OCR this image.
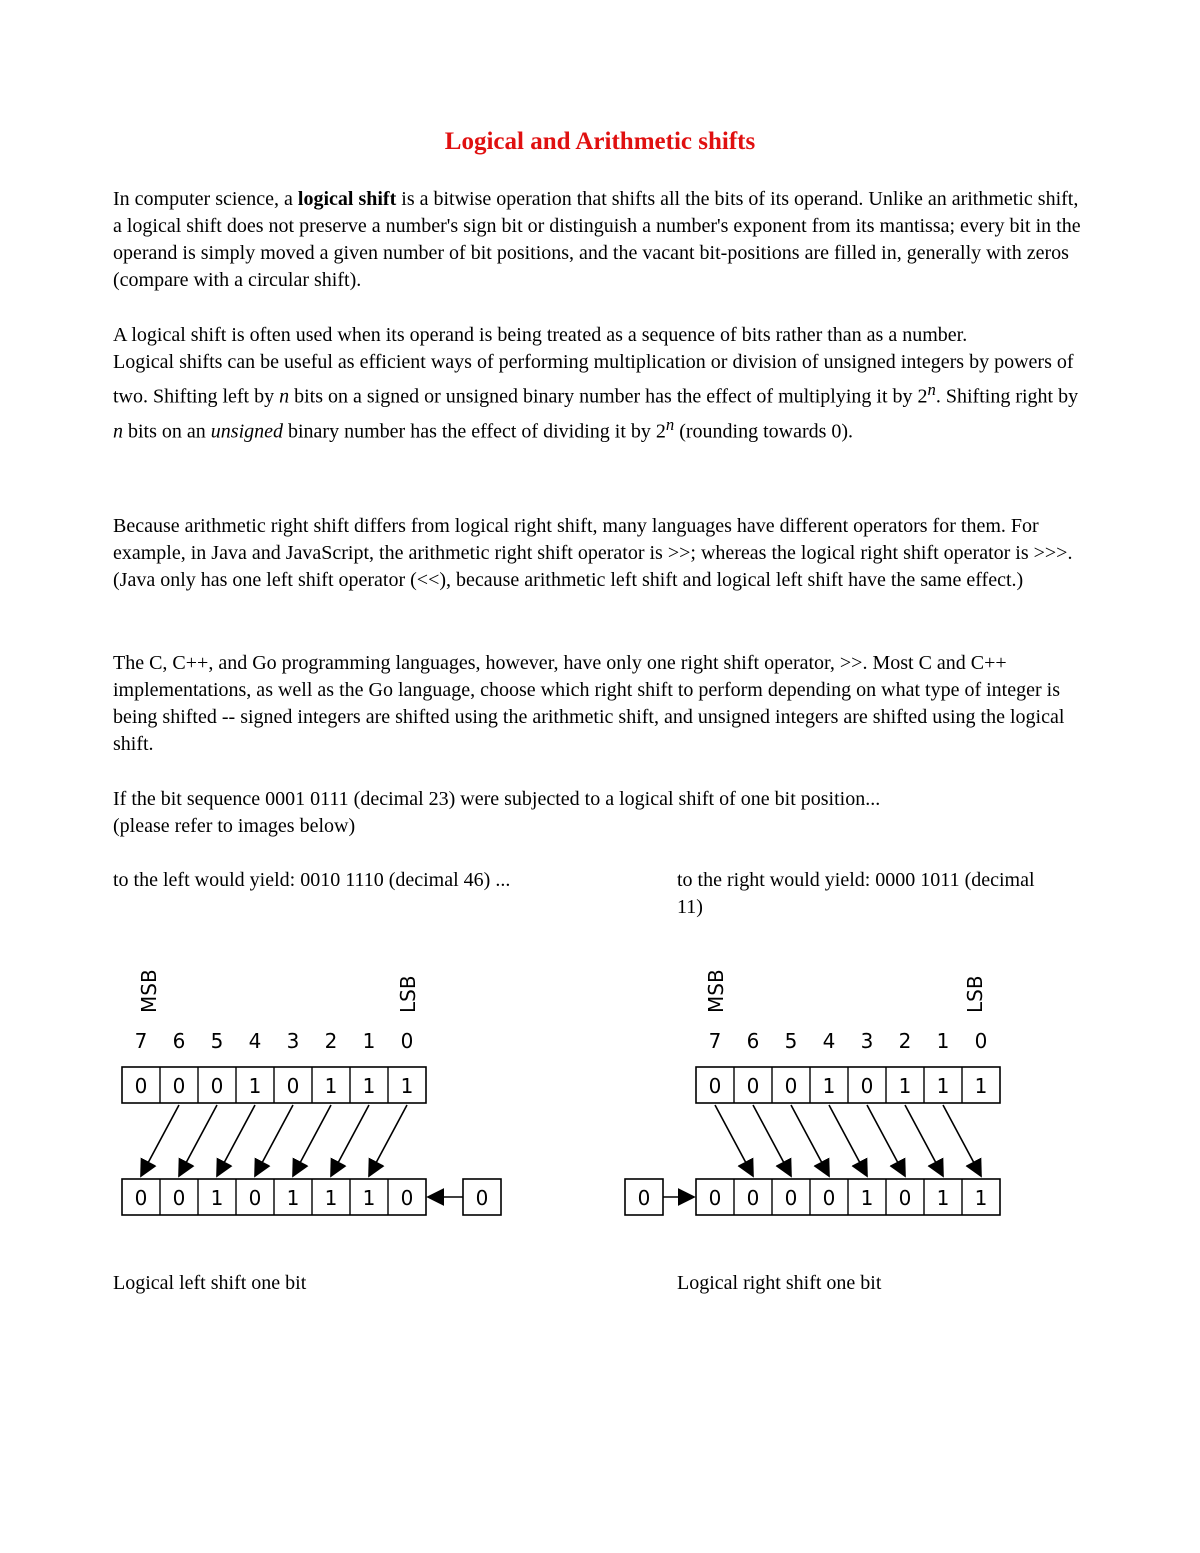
Logical and Arithmetic shifts

In computer science, a logical shift is a bitwise operation that shifts all the bits of its operand. Unlike an arithmetic shift, a logical shift does not preserve a number's sign bit or distinguish a number's exponent from its mantissa; every bit in the operand is simply moved a given number of bit positions, and the vacant bit-positions are filled in, generally with zeros (compare with a circular shift).

A logical shift is often used when its operand is being treated as a sequence of bits rather than as a number.
Logical shifts can be useful as efficient ways of performing multiplication or division of unsigned integers by powers of two. Shifting left by n bits on a signed or unsigned binary number has the effect of multiplying it by 2$^n$. Shifting right by n bits on an unsigned binary number has the effect of dividing it by 2$^n$ (rounding towards 0).

Because arithmetic right shift differs from logical right shift, many languages have different operators for them. For example, in Java and JavaScript, the arithmetic right shift operator is >>; whereas the logical right shift operator is >>>. (Java only has one left shift operator (<<), because arithmetic left shift and logical left shift have the same effect.)

The C, C++, and Go programming languages, however, have only one right shift operator, >>. Most C and C++ implementations, as well as the Go language, choose which right shift to perform depending on what type of integer is being shifted -- signed integers are shifted using the arithmetic shift, and unsigned integers are shifted using the logical shift.

If the bit sequence 0001 0111 (decimal 23) were subjected to a logical shift of one bit position...
(please refer to images below)

to the left would yield: 0010 1110 (decimal 46) ...	to the right would yield: 0000 1011 (decimal 11)

MSB	LSB
7 6 5 4 3 2 1 0
0 0 0 1 0 1 1 1
0 0 1 0 1 1 1 0	0
MSB	LSB
7 6 5 4 3 2 1 0
0 0 0 1 0 1 1 1
0 0 0 0 1 0 1 1
0

Logical left shift one bit	Logical right shift one bit
